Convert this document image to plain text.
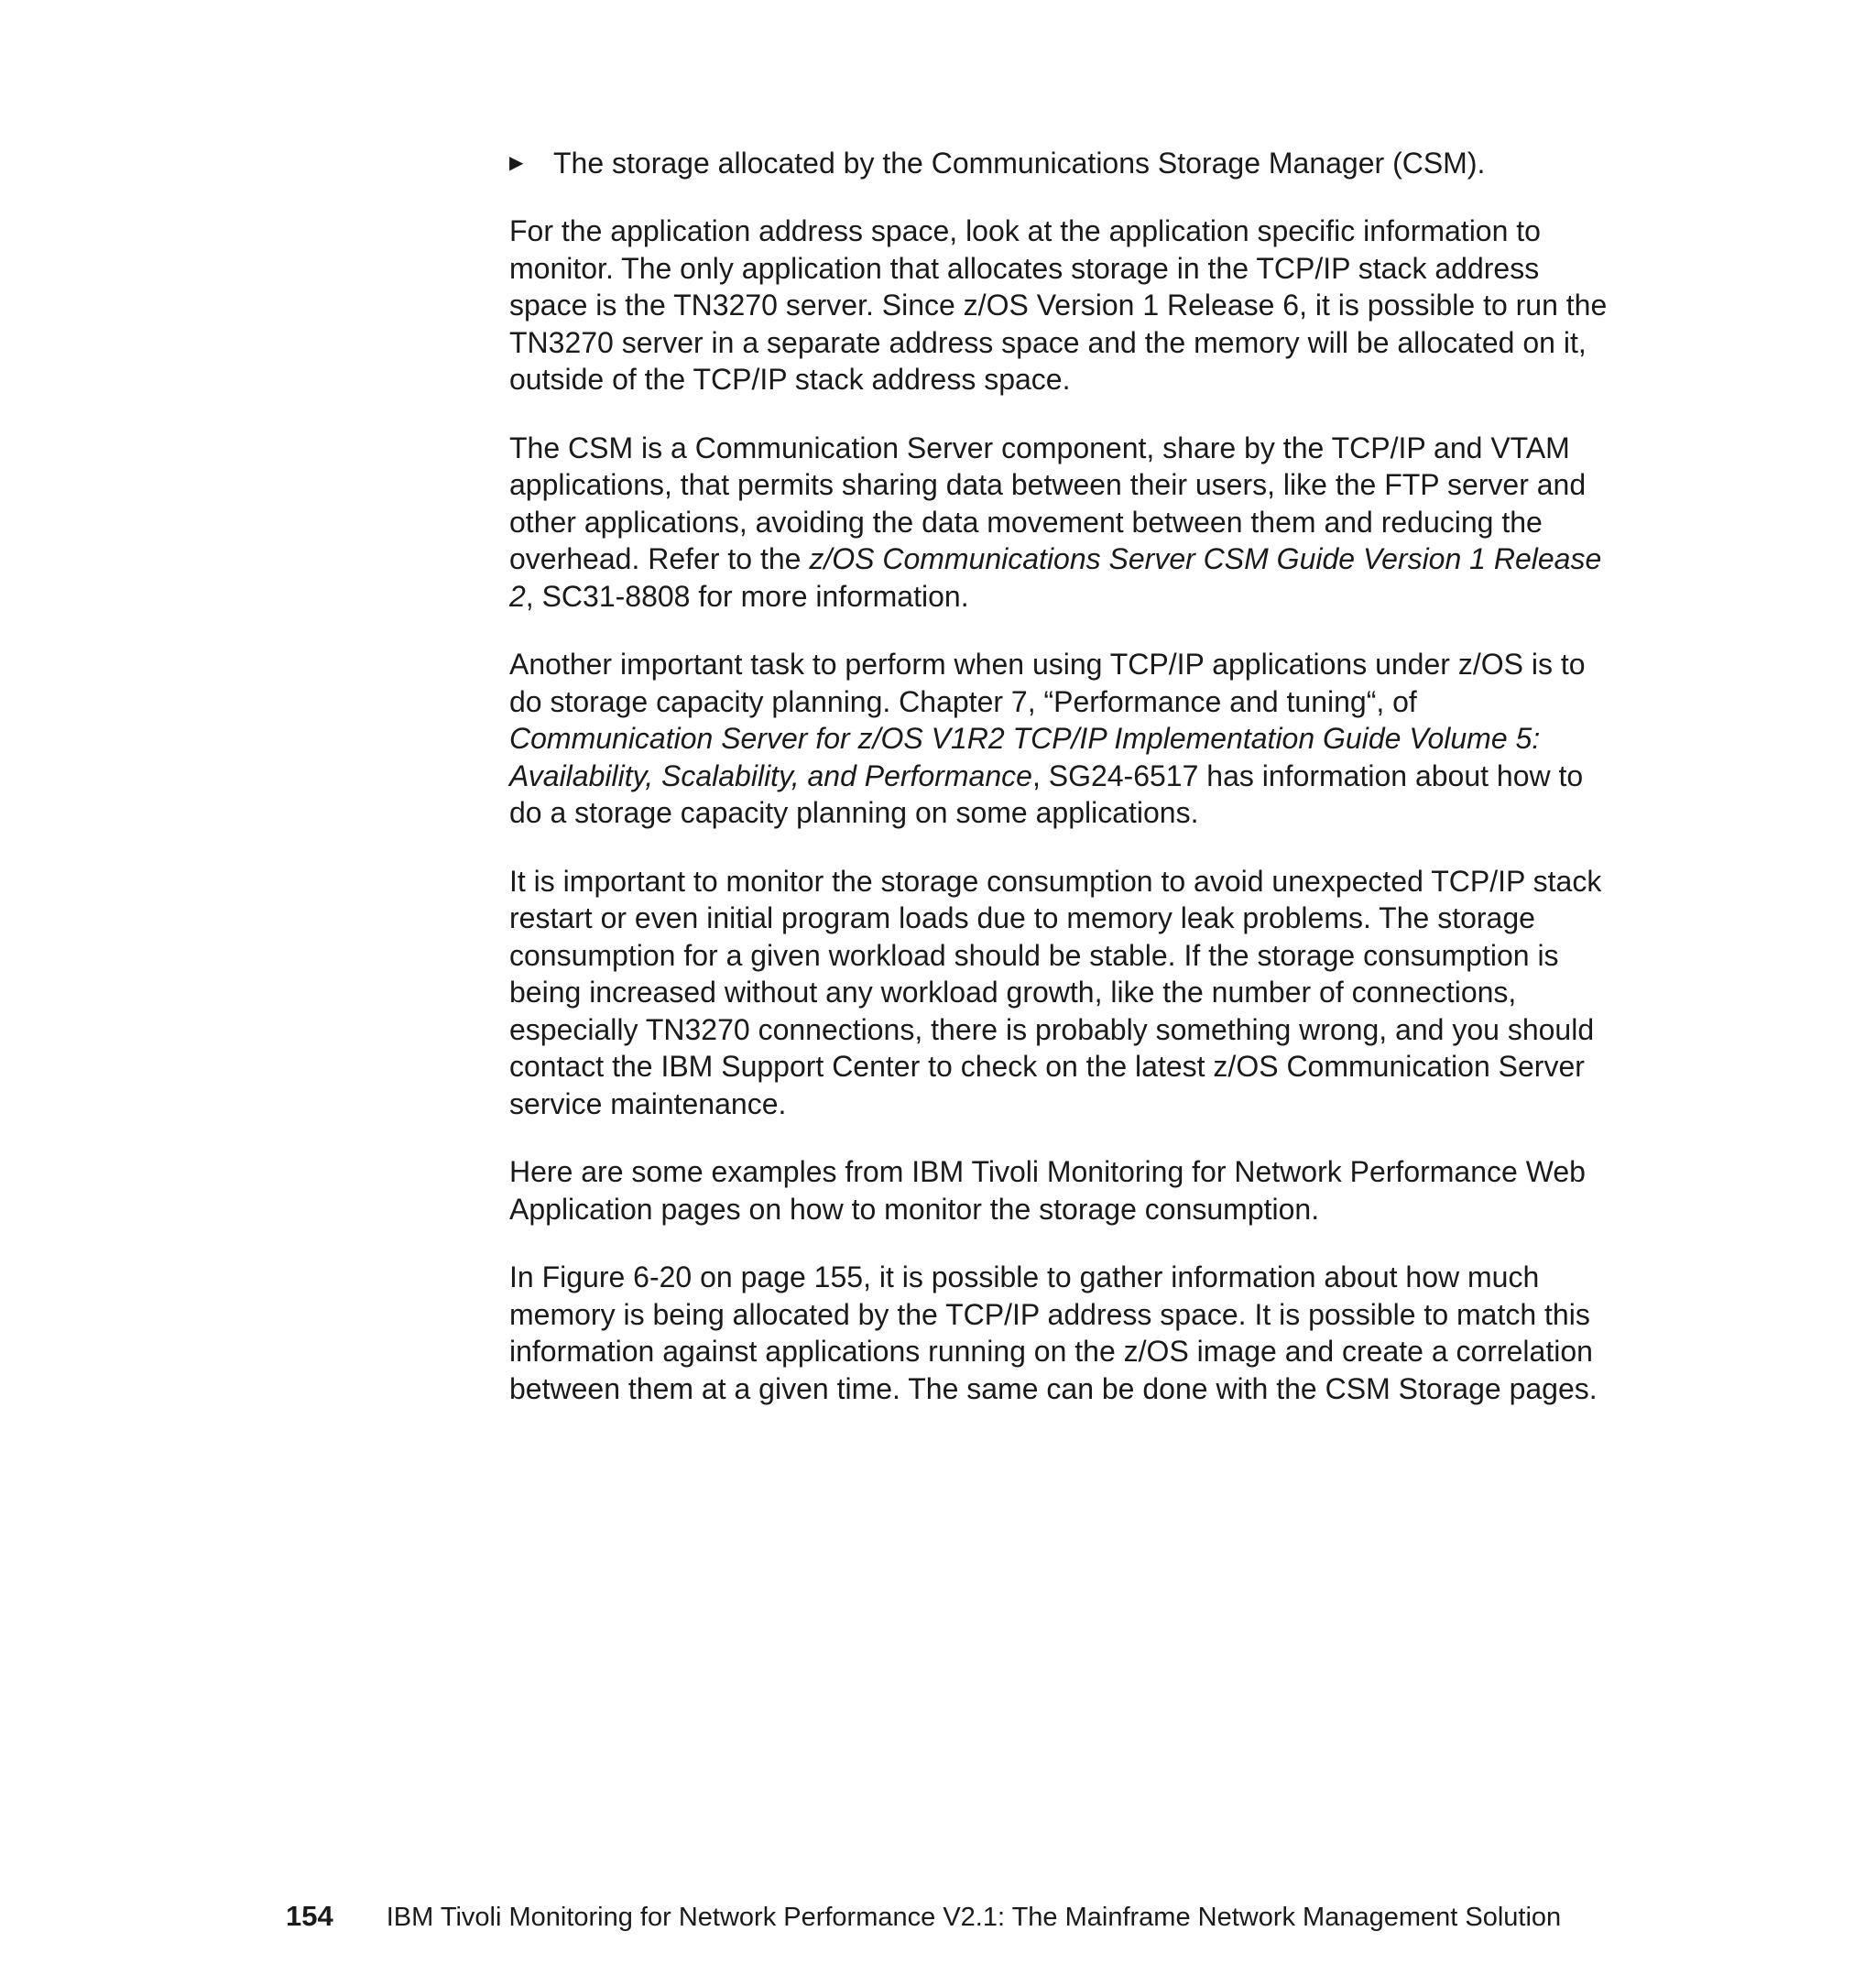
▶	The storage allocated by the Communications Storage Manager (CSM).

For the application address space, look at the application specific information to monitor. The only application that allocates storage in the TCP/IP stack address space is the TN3270 server. Since z/OS Version 1 Release 6, it is possible to run the TN3270 server in a separate address space and the memory will be allocated on it, outside of the TCP/IP stack address space.

The CSM is a Communication Server component, share by the TCP/IP and VTAM applications, that permits sharing data between their users, like the FTP server and other applications, avoiding the data movement between them and reducing the overhead. Refer to the z/OS Communications Server CSM Guide Version 1 Release 2, SC31-8808 for more information.

Another important task to perform when using TCP/IP applications under z/OS is to do storage capacity planning. Chapter 7, “Performance and tuning“, of Communication Server for z/OS V1R2 TCP/IP Implementation Guide Volume 5: Availability, Scalability, and Performance, SG24-6517 has information about how to do a storage capacity planning on some applications.

It is important to monitor the storage consumption to avoid unexpected TCP/IP stack restart or even initial program loads due to memory leak problems. The storage consumption for a given workload should be stable. If the storage consumption is being increased without any workload growth, like the number of connections, especially TN3270 connections, there is probably something wrong, and you should contact the IBM Support Center to check on the latest z/OS Communication Server service maintenance.

Here are some examples from IBM Tivoli Monitoring for Network Performance Web Application pages on how to monitor the storage consumption.

In Figure 6-20 on page 155, it is possible to gather information about how much memory is being allocated by the TCP/IP address space. It is possible to match this information against applications running on the z/OS image and create a correlation between them at a given time. The same can be done with the CSM Storage pages.

154 IBM Tivoli Monitoring for Network Performance V2.1: The Mainframe Network Management Solution
